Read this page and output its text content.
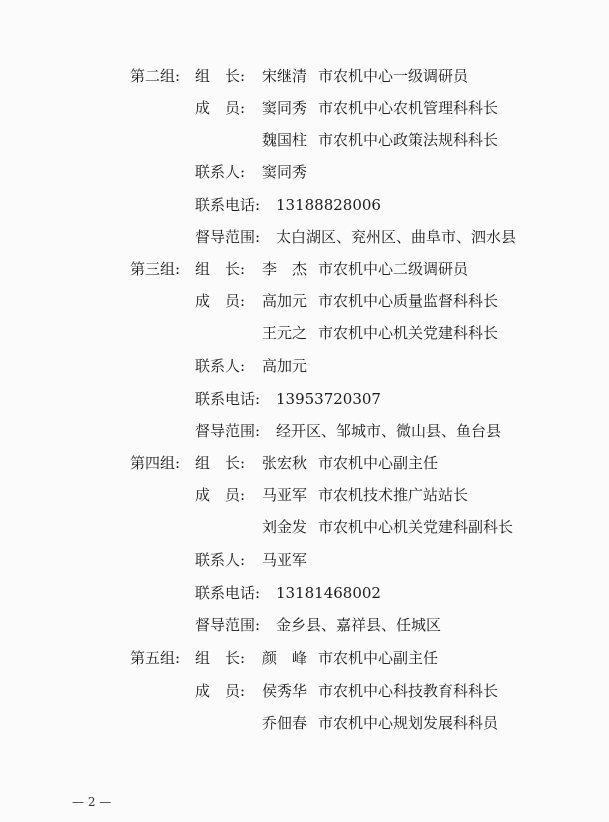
第二组: 组　长: 宋继清 市农机中心一级调研员
成　员: 窦同秀 市农机中心农机管理科科长
魏国柱 市农机中心政策法规科科长
联系人: 窦同秀
联系电话: 13188828006
督导范围: 太白湖区、兖州区、曲阜市、泗水县
第三组: 组　长: 李　杰 市农机中心二级调研员
成　员: 高加元 市农机中心质量监督科科长
王元之 市农机中心机关党建科科长
联系人: 高加元
联系电话: 13953720307
督导范围: 经开区、邹城市、微山县、鱼台县
第四组: 组　长: 张宏秋 市农机中心副主任
成　员: 马亚军 市农机技术推广站站长
刘金发 市农机中心机关党建科副科长
联系人: 马亚军
联系电话: 13181468002
督导范围: 金乡县、嘉祥县、任城区
第五组: 组　长: 颜　峰 市农机中心副主任
成　员: 侯秀华 市农机中心科技教育科科长
乔佃春 市农机中心规划发展科科员
— 2 —
